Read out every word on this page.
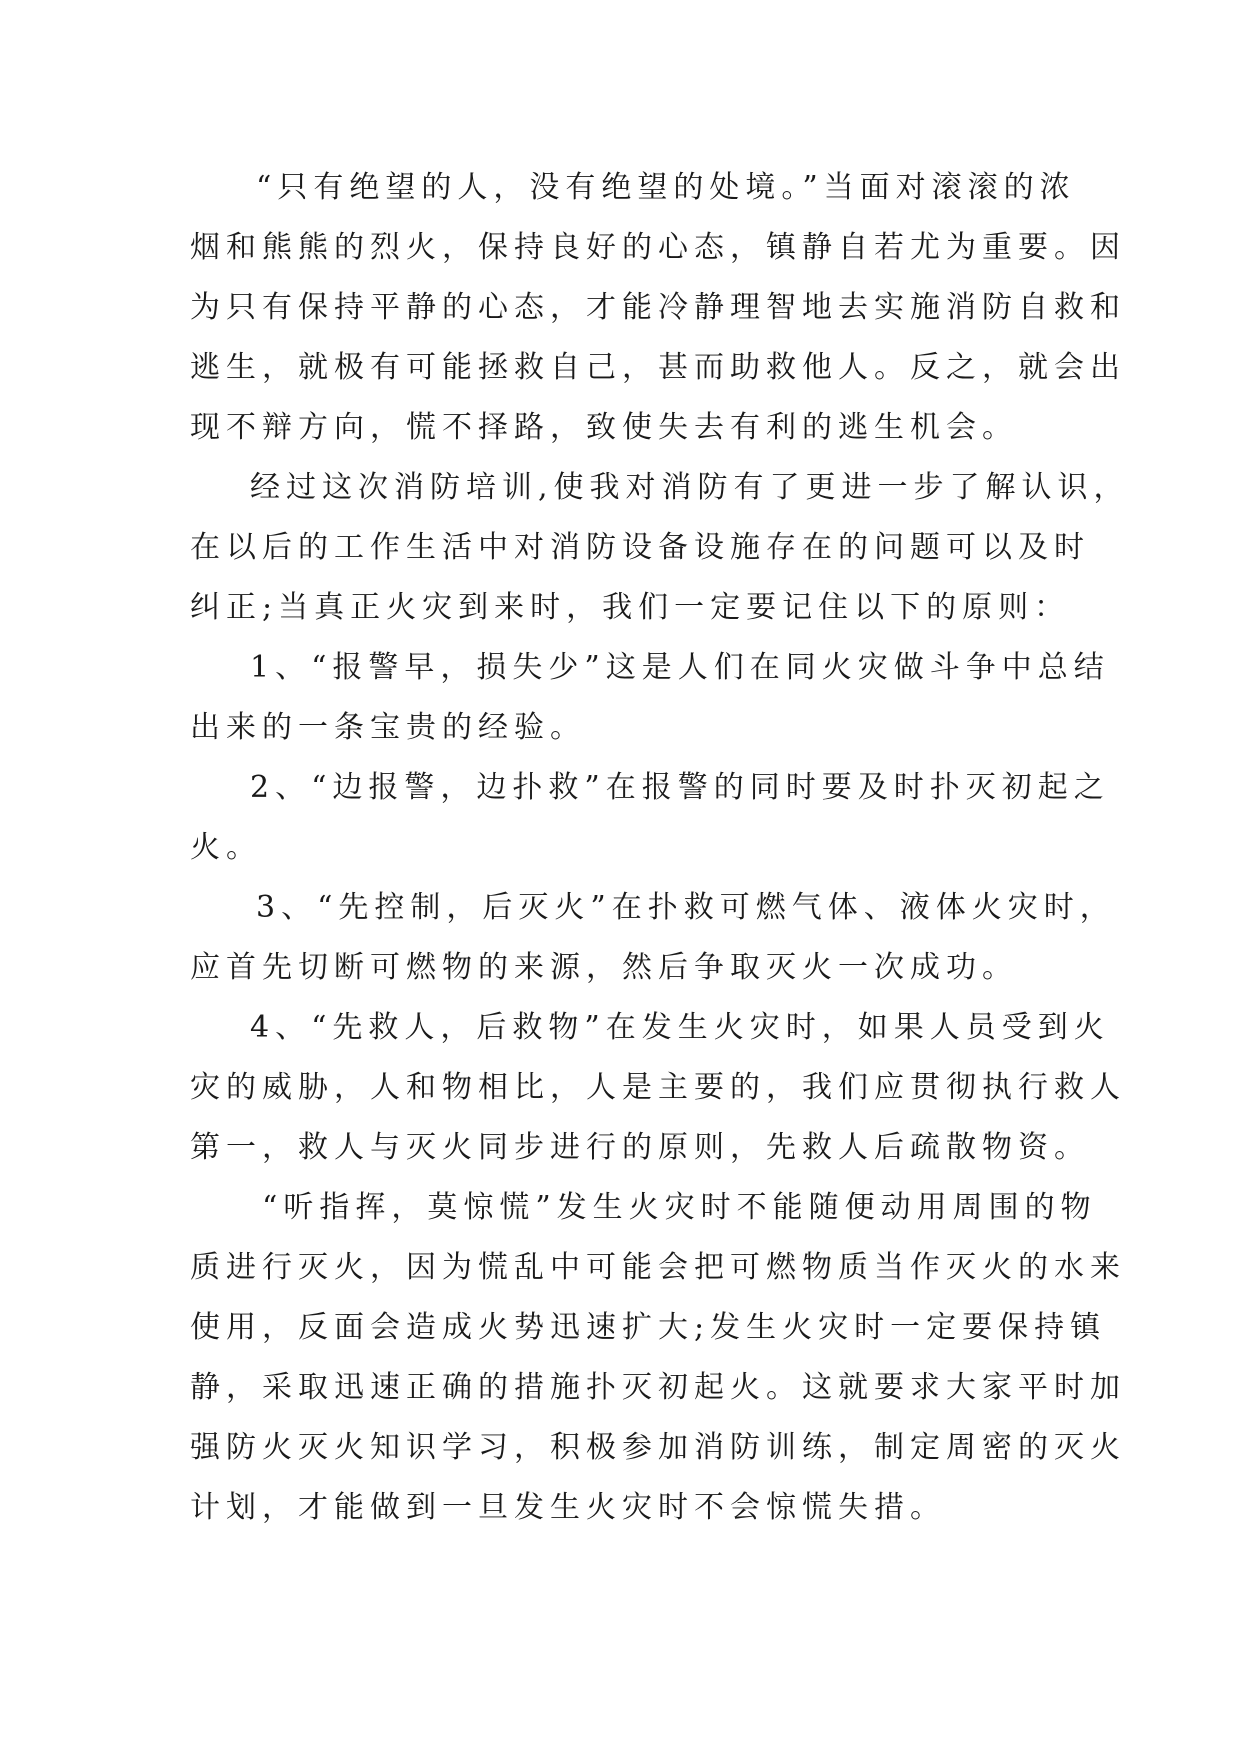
“只有绝望的人，没有绝望的处境。”当面对滚滚的浓
烟和熊熊的烈火，保持良好的心态，镇静自若尤为重要。因
为只有保持平静的心态，才能冷静理智地去实施消防自救和
逃生，就极有可能拯救自己，甚而助救他人。反之，就会出
现不辩方向，慌不择路，致使失去有利的逃生机会。
经过这次消防培训,使我对消防有了更进一步了解认识，
在以后的工作生活中对消防设备设施存在的问题可以及时
纠正;当真正火灾到来时，我们一定要记住以下的原则：
1、“报警早，损失少”这是人们在同火灾做斗争中总结
出来的一条宝贵的经验。
2、“边报警，边扑救”在报警的同时要及时扑灭初起之
火。
3、“先控制，后灭火”在扑救可燃气体、液体火灾时，
应首先切断可燃物的来源，然后争取灭火一次成功。
4、“先救人，后救物”在发生火灾时，如果人员受到火
灾的威胁，人和物相比，人是主要的，我们应贯彻执行救人
第一，救人与灭火同步进行的原则，先救人后疏散物资。
“听指挥，莫惊慌”发生火灾时不能随便动用周围的物
质进行灭火，因为慌乱中可能会把可燃物质当作灭火的水来
使用，反面会造成火势迅速扩大;发生火灾时一定要保持镇
静，采取迅速正确的措施扑灭初起火。这就要求大家平时加
强防火灭火知识学习，积极参加消防训练，制定周密的灭火
计划，才能做到一旦发生火灾时不会惊慌失措。
